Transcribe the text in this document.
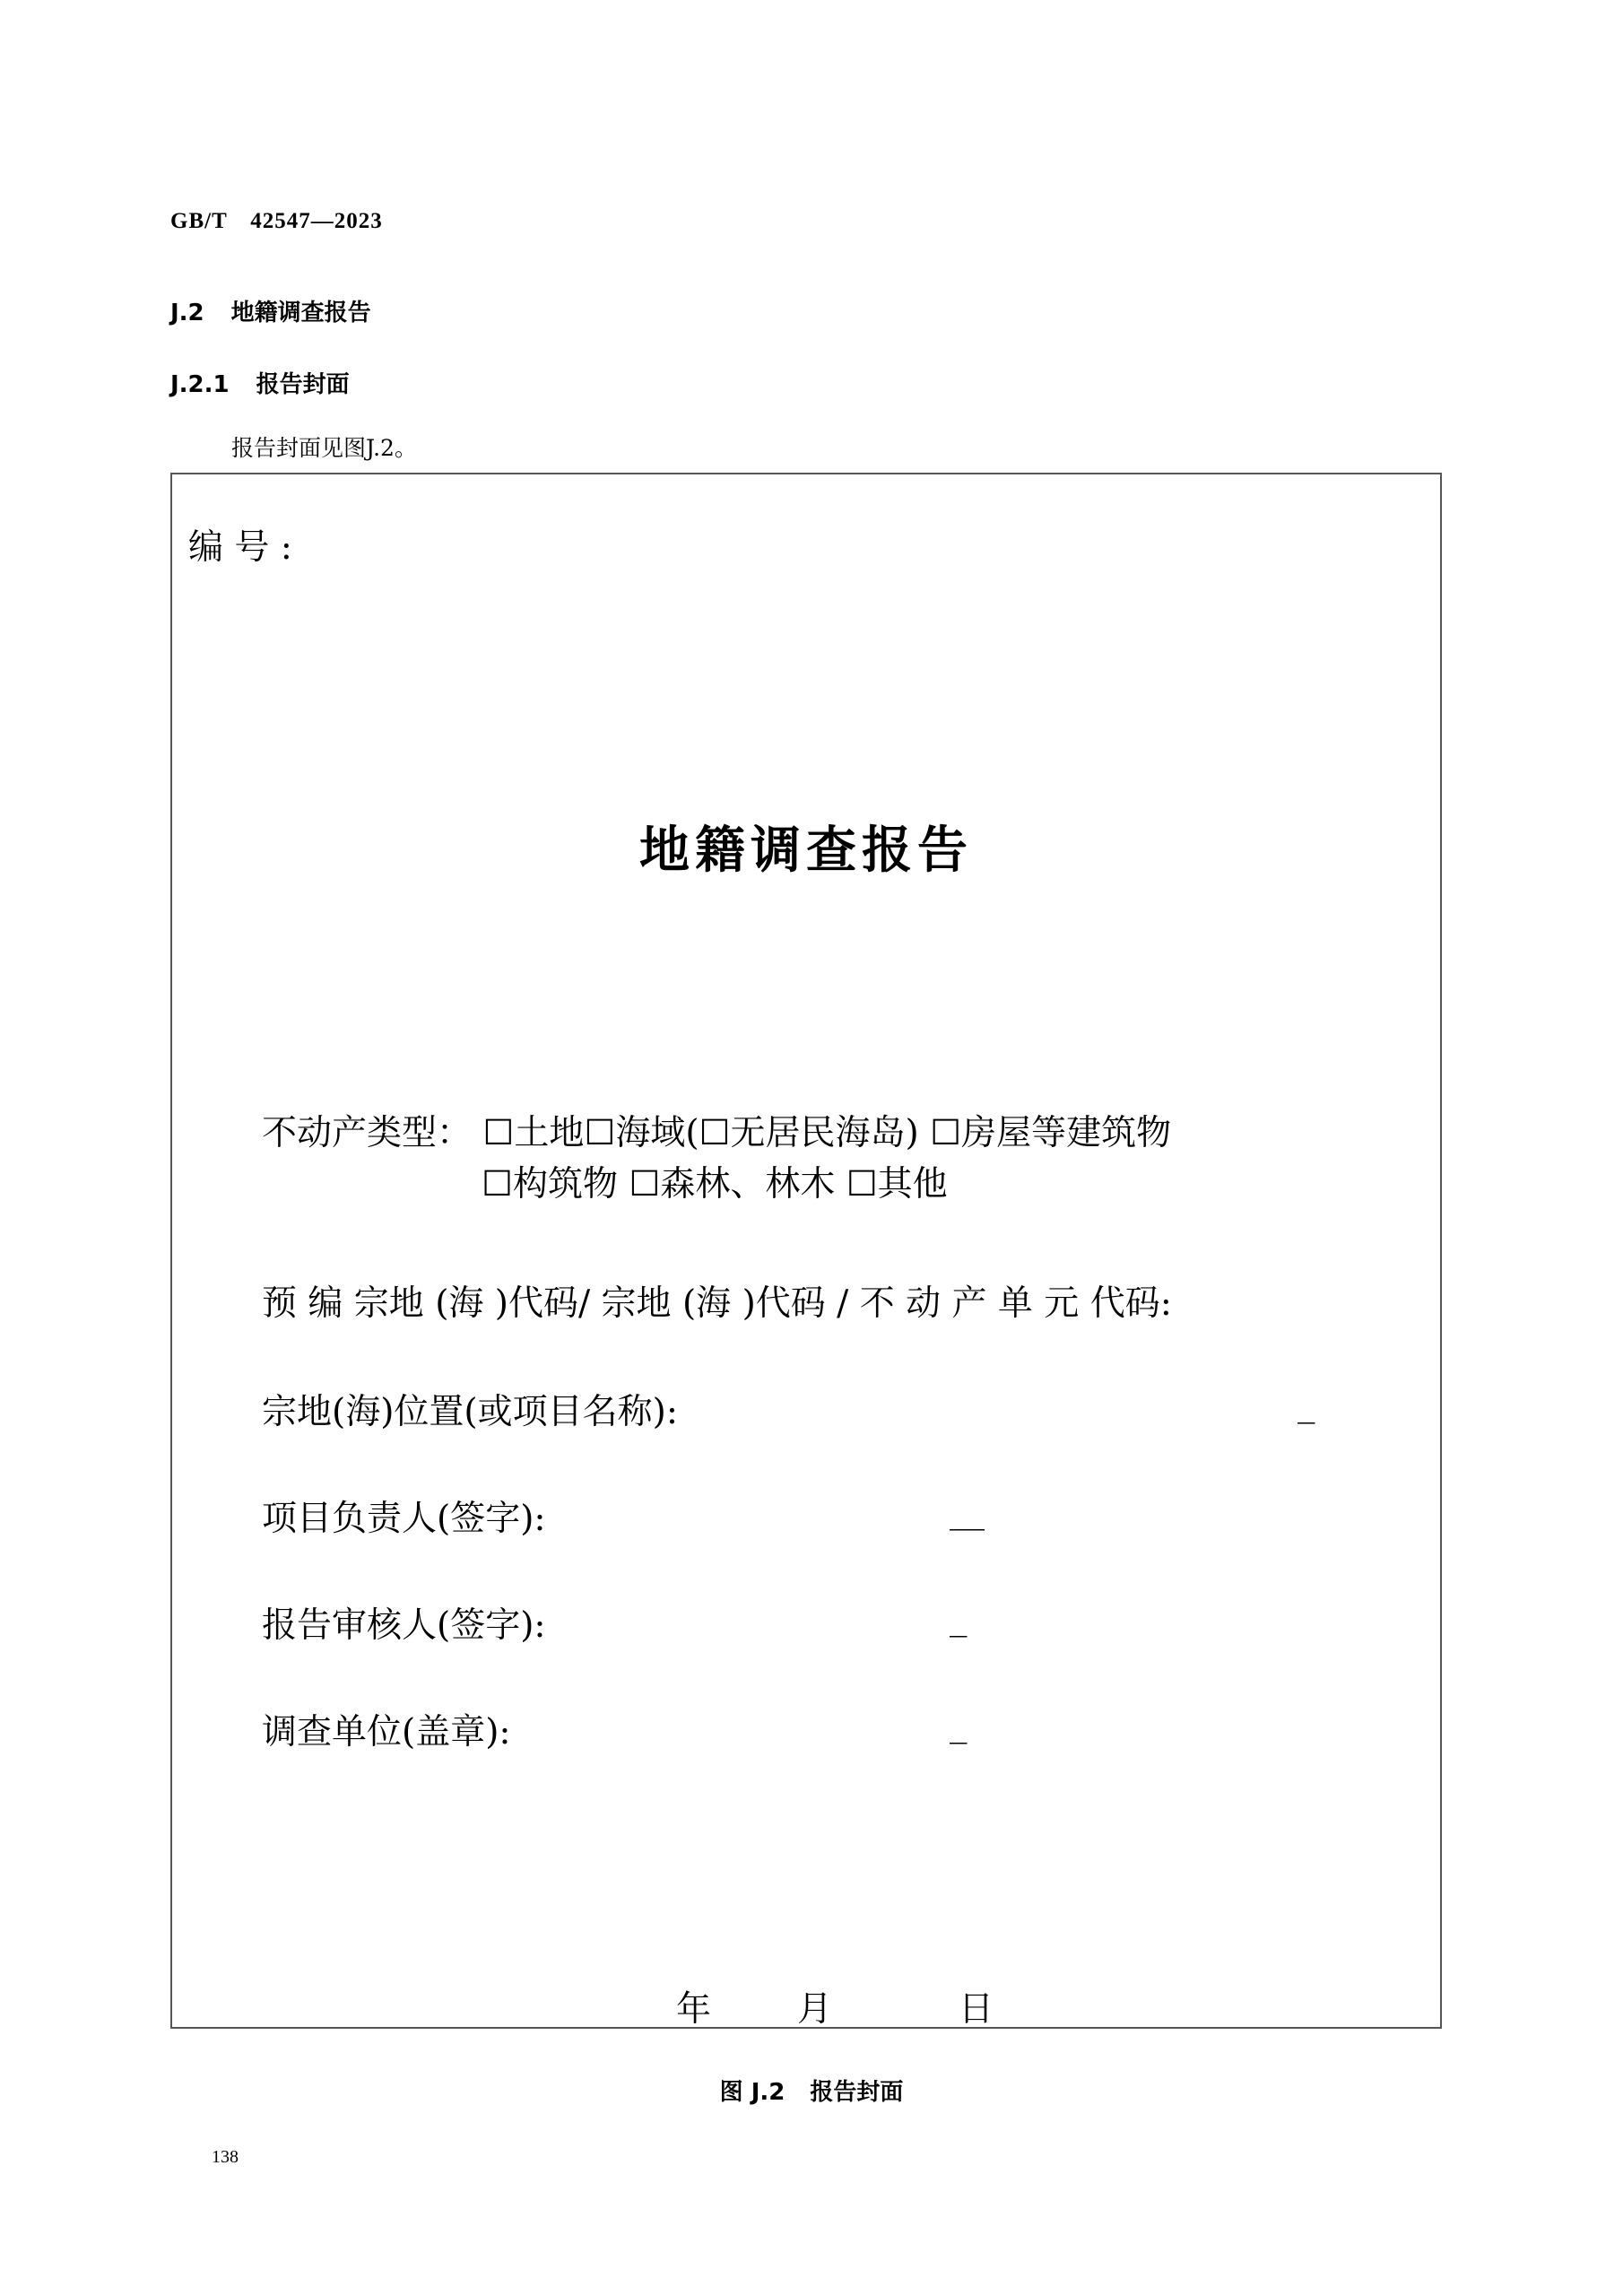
GB/T　42547—2023
J.2 地籍调查报告
J.2.1 报告封面
报告封面见图J.2。
编 号 :
地籍调查报告
不动产类型： ☐土地☐海域(☐无居民海岛) ☐房屋等建筑物
☐构筑物 ☐森林、林木 ☐其他
预 编 宗地 (海 )代码/ 宗地 (海 )代码 / 不 动 产 单 元 代码:
宗地(海)位置(或项目名称):	_
项目负责人(签字):	__
报告审核人(签字):	_
调查单位(盖章):	_
年 月	日
图 J.2 报告封面
138
